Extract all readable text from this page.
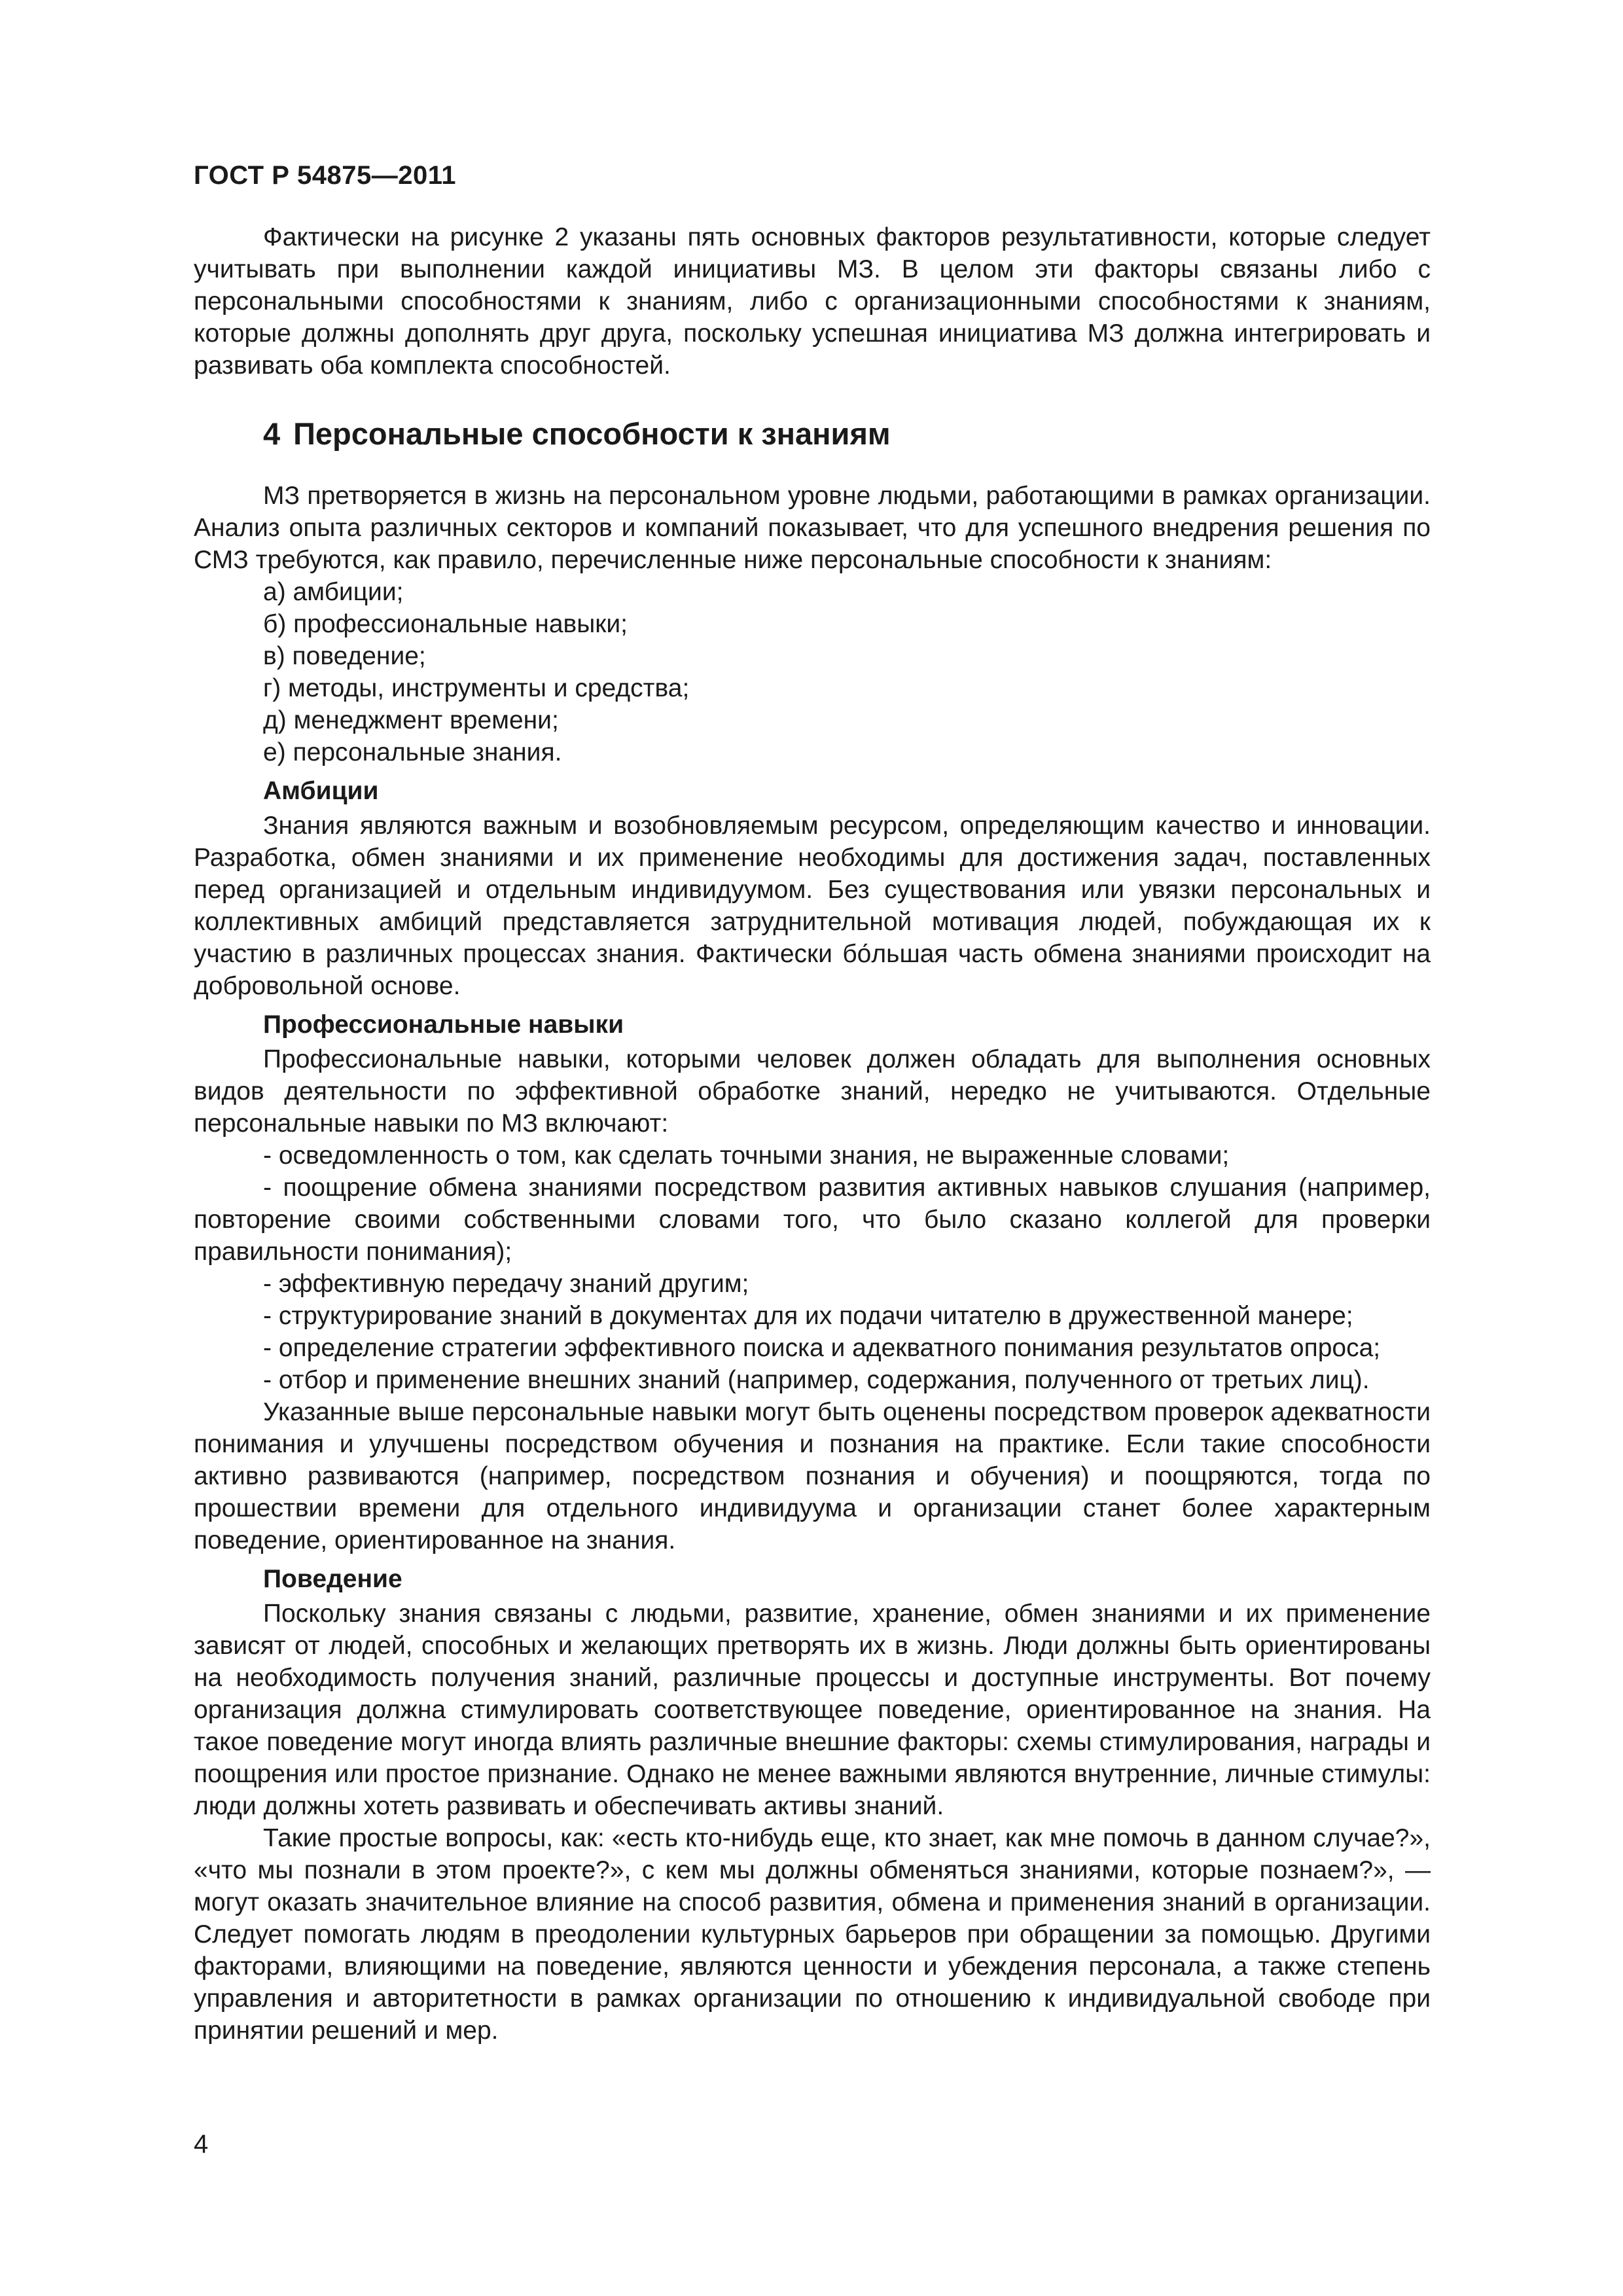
ГОСТ Р 54875—2011

Фактически на рисунке 2 указаны пять основных факторов результативности, которые следует учитывать при выполнении каждой инициативы МЗ. В целом эти факторы связаны либо с персональными способностями к знаниям, либо с организационными способностями к знаниям, которые должны дополнять друг друга, поскольку успешная инициатива МЗ должна интегрировать и развивать оба комплекта способностей.

4 Персональные способности к знаниям

МЗ претворяется в жизнь на персональном уровне людьми, работающими в рамках организации. Анализ опыта различных секторов и компаний показывает, что для успешного внедрения решения по СМЗ требуются, как правило, перечисленные ниже персональные способности к знаниям:

а) амбиции;
б) профессиональные навыки;
в) поведение;
г) методы, инструменты и средства;
д) менеджмент времени;
е) персональные знания.
Амбиции

Знания являются важным и возобновляемым ресурсом, определяющим качество и инновации. Разработка, обмен знаниями и их применение необходимы для достижения задач, поставленных перед организацией и отдельным индивидуумом. Без существования или увязки персональных и коллективных амбиций представляется затруднительной мотивация людей, побуждающая их к участию в различных процессах знания. Фактически бо́льшая часть обмена знаниями происходит на добровольной основе.

Профессиональные навыки

Профессиональные навыки, которыми человек должен обладать для выполнения основных видов деятельности по эффективной обработке знаний, нередко не учитываются. Отдельные персональные навыки по МЗ включают:

- осведомленность о том, как сделать точными знания, не выраженные словами;

- поощрение обмена знаниями посредством развития активных навыков слушания (например, повторение своими собственными словами того, что было сказано коллегой для проверки правильности понимания);

- эффективную передачу знаний другим;

- структурирование знаний в документах для их подачи читателю в дружественной манере;

- определение стратегии эффективного поиска и адекватного понимания результатов опроса;

- отбор и применение внешних знаний (например, содержания, полученного от третьих лиц).

Указанные выше персональные навыки могут быть оценены посредством проверок адекватности понимания и улучшены посредством обучения и познания на практике. Если такие способности активно развиваются (например, посредством познания и обучения) и поощряются, тогда по прошествии времени для отдельного индивидуума и организации станет более характерным поведение, ориентированное на знания.

Поведение

Поскольку знания связаны с людьми, развитие, хранение, обмен знаниями и их применение зависят от людей, способных и желающих претворять их в жизнь. Люди должны быть ориентированы на необходимость получения знаний, различные процессы и доступные инструменты. Вот почему организация должна стимулировать соответствующее поведение, ориентированное на знания. На такое поведение могут иногда влиять различные внешние факторы: схемы стимулирования, награды и поощрения или простое признание. Однако не менее важными являются внутренние, личные стимулы: люди должны хотеть развивать и обеспечивать активы знаний.

Такие простые вопросы, как: «есть кто-нибудь еще, кто знает, как мне помочь в данном случае?», «что мы познали в этом проекте?», с кем мы должны обменяться знаниями, которые познаем?», — могут оказать значительное влияние на способ развития, обмена и применения знаний в организации. Следует помогать людям в преодолении культурных барьеров при обращении за помощью. Другими факторами, влияющими на поведение, являются ценности и убеждения персонала, а также степень управления и авторитетности в рамках организации по отношению к индивидуальной свободе при принятии решений и мер.

4
